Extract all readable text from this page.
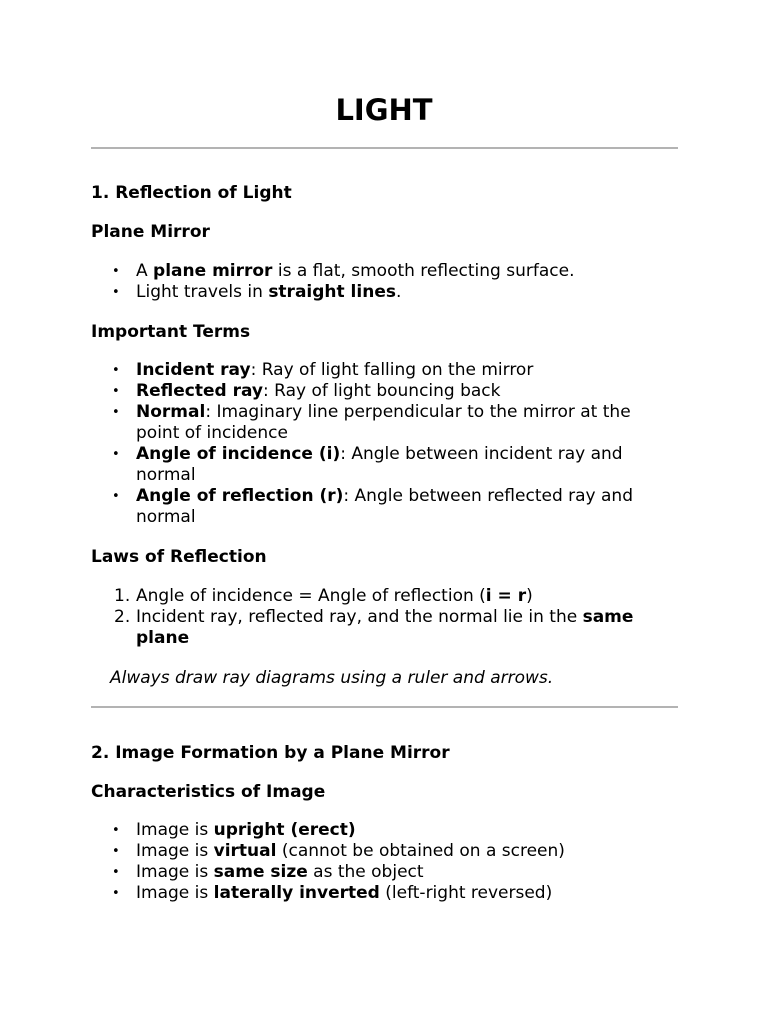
LIGHT
1. Reflection of Light
Plane Mirror
• A plane mirror is a flat, smooth reflecting surface.
• Light travels in straight lines.
Important Terms
• Incident ray: Ray of light falling on the mirror
• Reflected ray: Ray of light bouncing back
• Normal: Imaginary line perpendicular to the mirror at the point of incidence
• Angle of incidence (i): Angle between incident ray and normal
• Angle of reflection (r): Angle between reflected ray and normal
Laws of Reflection
1. Angle of incidence = Angle of reflection (i = r)
2. Incident ray, reflected ray, and the normal lie in the same plane

Always draw ray diagrams using a ruler and arrows.

2. Image Formation by a Plane Mirror
Characteristics of Image
• Image is upright (erect)
• Image is virtual (cannot be obtained on a screen)
• Image is same size as the object
• Image is laterally inverted (left-right reversed)
